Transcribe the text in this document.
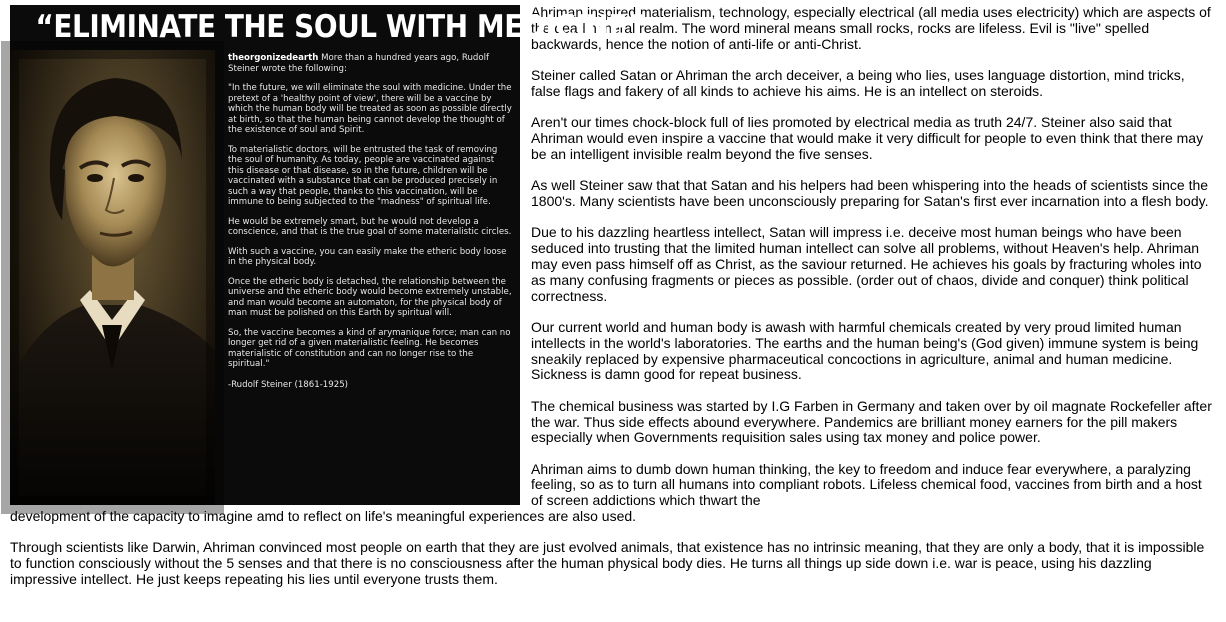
“ELIMINATE THE SOUL WITH MEDICINE”

theorgonizedearth More than a hundred years ago, Rudolf Steiner wrote the following:

"In the future, we will eliminate the soul with medicine. Under the pretext of a 'healthy point of view', there will be a vaccine by which the human body will be treated as soon as possible directly at birth, so that the human being cannot develop the thought of the existence of soul and Spirit.

To materialistic doctors, will be entrusted the task of removing the soul of humanity. As today, people are vaccinated against this disease or that disease, so in the future, children will be vaccinated with a substance that can be produced precisely in such a way that people, thanks to this vaccination, will be immune to being subjected to the "madness" of spiritual life.

He would be extremely smart, but he would not develop a conscience, and that is the true goal of some materialistic circles.

With such a vaccine, you can easily make the etheric body loose in the physical body.

Once the etheric body is detached, the relationship between the universe and the etheric body would become extremely unstable, and man would become an automaton, for the physical body of man must be polished on this Earth by spiritual will.

So, the vaccine becomes a kind of arymanique force; man can no longer get rid of a given materialistic feeling. He becomes materialistic of constitution and can no longer rise to the spiritual."

-Rudolf Steiner (1861-1925)

Ahriman inspired materialism, technology, especially electrical (all media uses electricity) which are aspects of the dead mineral realm. The word mineral means small rocks, rocks are lifeless. Evil is "live" spelled backwards, hence the notion of anti-life or anti-Christ.

Steiner called Satan or Ahriman the arch deceiver, a being who lies, uses language distortion, mind tricks, false flags and fakery of all kinds to achieve his aims. He is an intellect on steroids.

Aren't our times chock-block full of lies promoted by electrical media as truth 24/7. Steiner also said that Ahriman would even inspire a vaccine that would make it very difficult for people to even think that there may be an intelligent invisible realm beyond the five senses.

As well Steiner saw that that Satan and his helpers had been whispering into the heads of scientists since the 1800's. Many scientists have been unconsciously preparing for Satan's first ever incarnation into a flesh body.

Due to his dazzling heartless intellect, Satan will impress i.e. deceive most human beings who have been seduced into trusting that the limited human intellect can solve all problems, without Heaven's help. Ahriman may even pass himself off as Christ, as the saviour returned. He achieves his goals by fracturing wholes into as many confusing fragments or pieces as possible. (order out of chaos, divide and conquer) think political correctness.

Our current world and human body is awash with harmful chemicals created by very proud limited human intellects in the world's laboratories. The earths and the human being's (God given) immune system is being sneakily replaced by expensive pharmaceutical concoctions in agriculture, animal and human medicine. Sickness is damn good for repeat business.

The chemical business was started by I.G Farben in Germany and taken over by oil magnate Rockefeller after the war. Thus side effects abound everywhere. Pandemics are brilliant money earners for the pill makers especially when Governments requisition sales using tax money and police power.

Ahriman aims to dumb down human thinking, the key to freedom and induce fear everywhere, a paralyzing feeling, so as to turn all humans into compliant robots. Lifeless chemical food, vaccines from birth and a host of screen addictions which thwart the

development of the capacity to imagine amd to reflect on life's meaningful experiences are also used.

Through scientists like Darwin, Ahriman convinced most people on earth that they are just evolved animals, that existence has no intrinsic meaning, that they are only a body, that it is impossible to function consciously without the 5 senses and that there is no consciousness after the human physical body dies. He turns all things up side down i.e. war is peace, using his dazzling impressive intellect. He just keeps repeating his lies until everyone trusts them.
